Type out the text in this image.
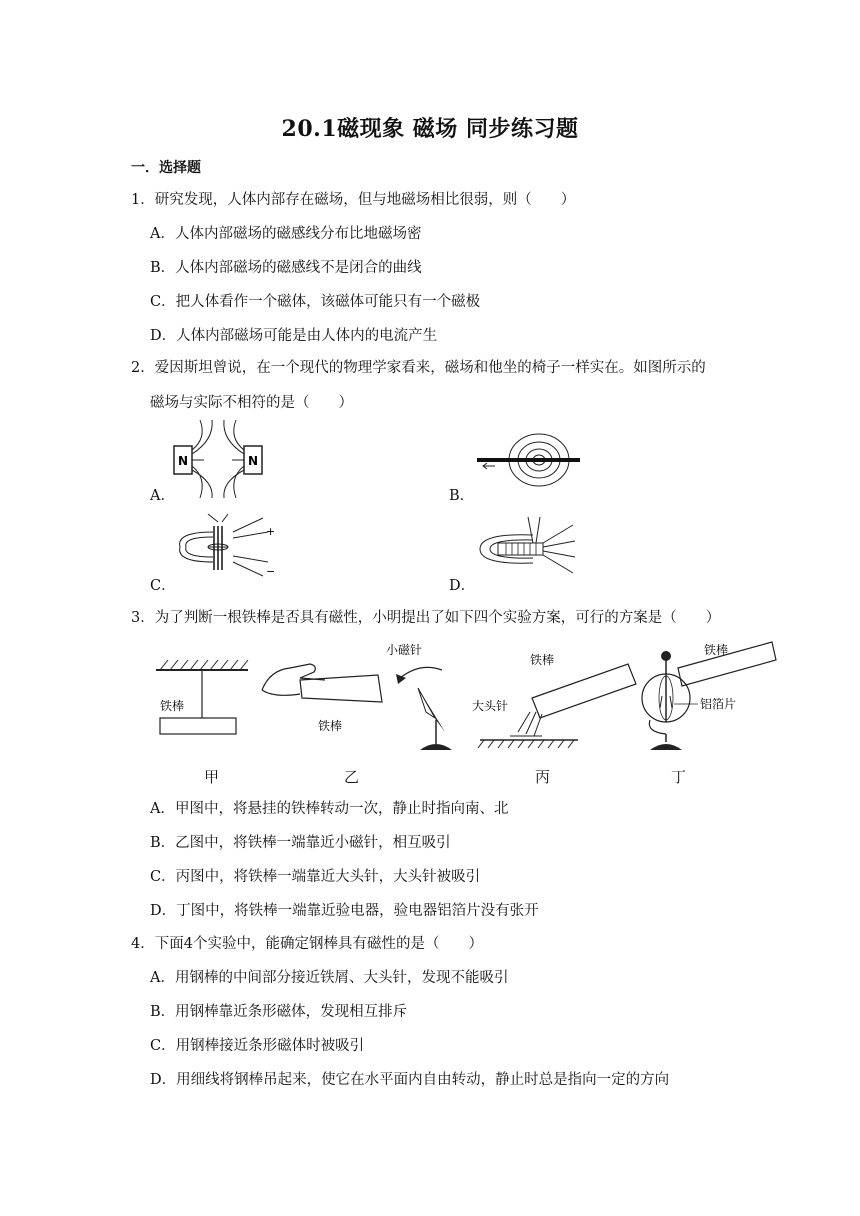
20.1磁现象 磁场 同步练习题
一．选择题
1．研究发现，人体内部存在磁场，但与地磁场相比很弱，则（　　）
A．人体内部磁场的磁感线分布比地磁场密
B．人体内部磁场的磁感线不是闭合的曲线
C．把人体看作一个磁体，该磁体可能只有一个磁极
D．人体内部磁场可能是由人体内的电流产生
2．爱因斯坦曾说，在一个现代的物理学家看来，磁场和他坐的椅子一样实在。如图所示的
磁场与实际不相符的是（　　）
N	N
A．	B．
+
−
C．	D．
3．为了判断一根铁棒是否具有磁性，小明提出了如下四个实验方案，可行的方案是（　　）
铁棒
铁棒
小磁针
铁棒
大头针
铁棒
铝箔片
甲	乙	丙	丁
A．甲图中，将悬挂的铁棒转动一次，静止时指向南、北
B．乙图中，将铁棒一端靠近小磁针，相互吸引
C．丙图中，将铁棒一端靠近大头针，大头针被吸引
D．丁图中，将铁棒一端靠近验电器，验电器铝箔片没有张开
4．下面4个实验中，能确定钢棒具有磁性的是（　　）
A．用钢棒的中间部分接近铁屑、大头针，发现不能吸引
B．用钢棒靠近条形磁体，发现相互排斥
C．用钢棒接近条形磁体时被吸引
D．用细线将钢棒吊起来，使它在水平面内自由转动，静止时总是指向一定的方向
